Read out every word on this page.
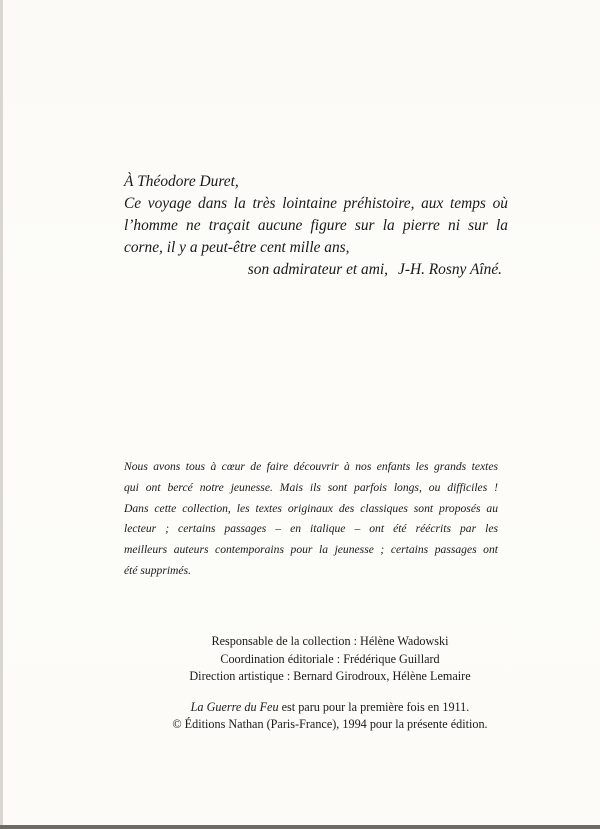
À Théodore Duret,
Ce voyage dans la très lointaine préhistoire, aux temps où
l’homme ne traçait aucune figure sur la pierre ni sur la
corne, il y a peut-être cent mille ans,
son admirateur et ami, J-H. Rosny Aîné.
Nous avons tous à cœur de faire découvrir à nos enfants les grands textes
qui ont bercé notre jeunesse. Mais ils sont parfois longs, ou difficiles !
Dans cette collection, les textes originaux des classiques sont proposés au
lecteur ; certains passages – en italique – ont été réécrits par les
meilleurs auteurs contemporains pour la jeunesse ; certains passages ont
été supprimés.
Responsable de la collection : Hélène Wadowski
Coordination éditoriale : Frédérique Guillard
Direction artistique : Bernard Girodroux, Hélène Lemaire
La Guerre du Feu est paru pour la première fois en 1911.
© Éditions Nathan (Paris-France), 1994 pour la présente édition.
